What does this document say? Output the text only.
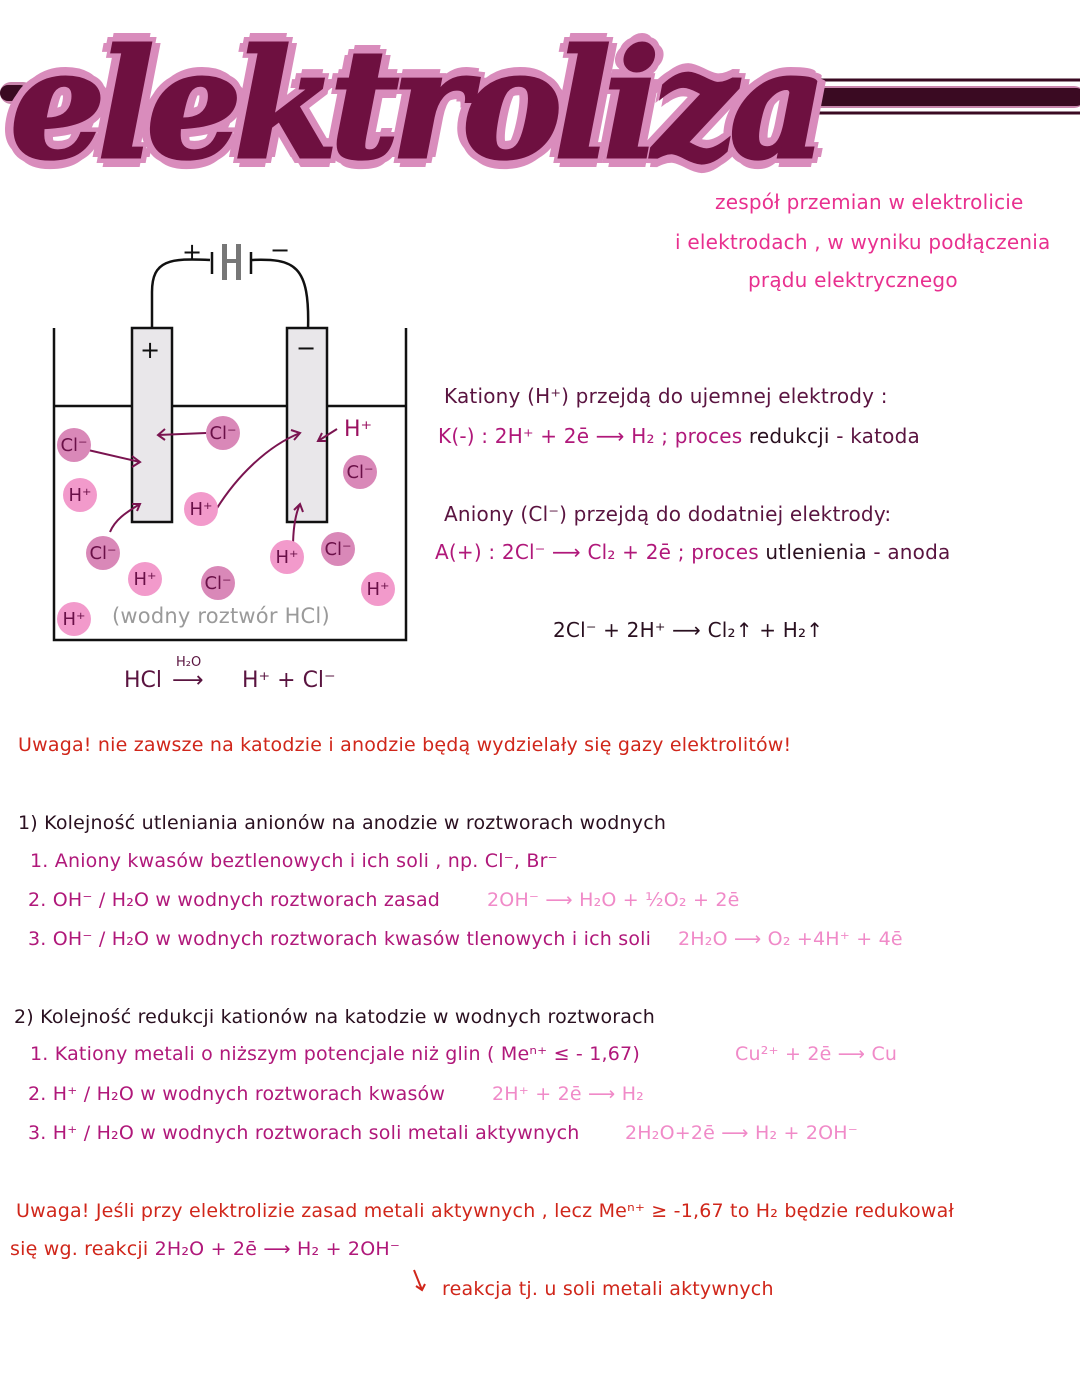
elektroliza
zespół przemian w elektrolicie
i elektrodach , w wyniku podłączenia
prądu elektrycznego
+	−
+	−
Cl⁻
H⁺
Cl⁻
H⁺
Cl⁻
Cl⁻
H⁺	Cl⁻
H⁺ Cl⁻
H⁺
H⁺
H⁺
(wodny roztwór HCl)
HCl
H₂O
⟶ H⁺ + Cl⁻
Kationy (H⁺) przejdą do ujemnej elektrody :
K(-) : 2H⁺ + 2ē ⟶ H₂ ; proces redukcji - katoda
Aniony (Cl⁻) przejdą do dodatniej elektrody:
A(+) : 2Cl⁻ ⟶ Cl₂ + 2ē ; proces utlenienia - anoda
2Cl⁻ + 2H⁺ ⟶ Cl₂↑ + H₂↑
Uwaga! nie zawsze na katodzie i anodzie będą wydzielały się gazy elektrolitów!
1) Kolejność utleniania anionów na anodzie w roztworach wodnych
1. Aniony kwasów beztlenowych i ich soli , np. Cl⁻, Br⁻
2. OH⁻ / H₂O w wodnych roztworach zasad 2OH⁻ ⟶ H₂O + ½O₂ + 2ē
3. OH⁻ / H₂O w wodnych roztworach kwasów tlenowych i ich soli 2H₂O ⟶ O₂ +4H⁺ + 4ē
2) Kolejność redukcji kationów na katodzie w wodnych roztworach
1. Kationy metali o niższym potencjale niż glin ( Meⁿ⁺ ≤ - 1,67)	Cu²⁺ + 2ē ⟶ Cu
2. H⁺ / H₂O w wodnych roztworach kwasów 2H⁺ + 2ē ⟶ H₂
3. H⁺ / H₂O w wodnych roztworach soli metali aktywnych 2H₂O+2ē ⟶ H₂ + 2OH⁻
Uwaga! Jeśli przy elektrolizie zasad metali aktywnych , lecz Meⁿ⁺ ≥ -1,67 to H₂ będzie redukował
się wg. reakcji 2H₂O + 2ē ⟶ H₂ + 2OH⁻
reakcja tj. u soli metali aktywnych
